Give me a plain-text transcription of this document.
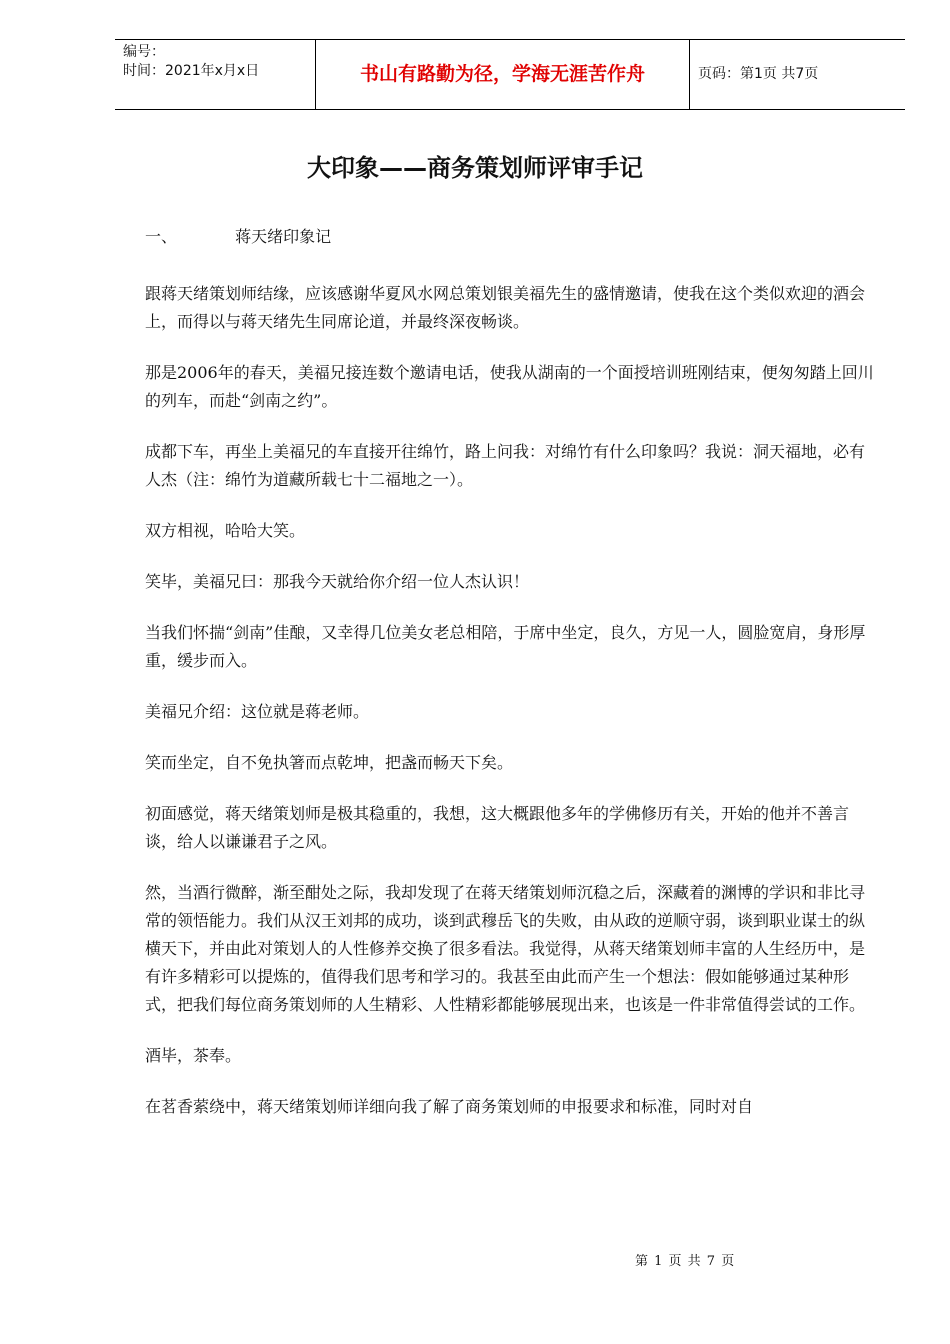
编号：
时间：2021年x月x日	书山有路勤为径，学海无涯苦作舟	页码：第1页 共7页
大印象——商务策划师评审手记
一、	蒋天绪印象记

跟蒋天绪策划师结缘，应该感谢华夏风水网总策划银美福先生的盛情邀请，使我在这个类似欢迎的酒会上，而得以与蒋天绪先生同席论道，并最终深夜畅谈。

那是2006年的春天，美福兄接连数个邀请电话，使我从湖南的一个面授培训班刚结束，便匆匆踏上回川的列车，而赴“剑南之约”。

成都下车，再坐上美福兄的车直接开往绵竹，路上问我：对绵竹有什么印象吗？我说：洞天福地，必有人杰（注：绵竹为道藏所载七十二福地之一）。

双方相视，哈哈大笑。

笑毕，美福兄曰：那我今天就给你介绍一位人杰认识！

当我们怀揣“剑南”佳酿，又幸得几位美女老总相陪，于席中坐定，良久，方见一人，圆脸宽肩，身形厚重，缓步而入。

美福兄介绍：这位就是蒋老师。

笑而坐定，自不免执箸而点乾坤，把盏而畅天下矣。

初面感觉，蒋天绪策划师是极其稳重的，我想，这大概跟他多年的学佛修历有关，开始的他并不善言谈，给人以谦谦君子之风。

然，当酒行微醉，渐至酣处之际，我却发现了在蒋天绪策划师沉稳之后，深藏着的渊博的学识和非比寻常的领悟能力。我们从汉王刘邦的成功，谈到武穆岳飞的失败，由从政的逆顺守弱，谈到职业谋士的纵横天下，并由此对策划人的人性修养交换了很多看法。我觉得，从蒋天绪策划师丰富的人生经历中，是有许多精彩可以提炼的，值得我们思考和学习的。我甚至由此而产生一个想法：假如能够通过某种形式，把我们每位商务策划师的人生精彩、人性精彩都能够展现出来，也该是一件非常值得尝试的工作。

酒毕，茶奉。

在茗香萦绕中，蒋天绪策划师详细向我了解了商务策划师的申报要求和标准，同时对自

第 1 页 共 7 页
